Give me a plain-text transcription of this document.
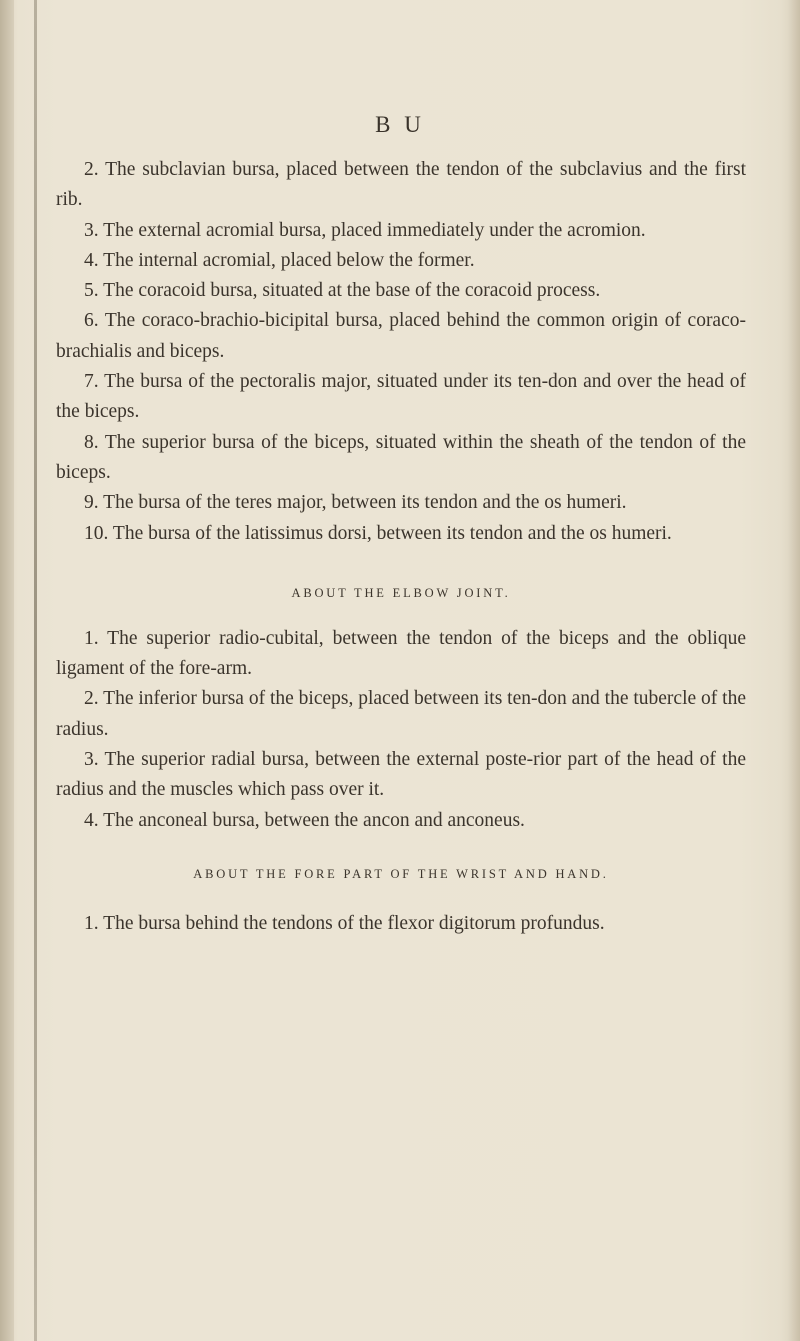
B U

2. The subclavian bursa, placed between the tendon of the subclavius and the first rib.

3. The external acromial bursa, placed immediately under the acromion.

4. The internal acromial, placed below the former.

5. The coracoid bursa, situated at the base of the coracoid process.

6. The coraco-brachio-bicipital bursa, placed behind the common origin of coraco-brachialis and biceps.

7. The bursa of the pectoralis major, situated under its ten-don and over the head of the biceps.

8. The superior bursa of the biceps, situated within the sheath of the tendon of the biceps.

9. The bursa of the teres major, between its tendon and the os humeri.

10. The bursa of the latissimus dorsi, between its tendon and the os humeri.

ABOUT THE ELBOW JOINT.

1. The superior radio-cubital, between the tendon of the biceps and the oblique ligament of the fore-arm.

2. The inferior bursa of the biceps, placed between its ten-don and the tubercle of the radius.

3. The superior radial bursa, between the external poste-rior part of the head of the radius and the muscles which pass over it.

4. The anconeal bursa, between the ancon and anconeus.

ABOUT THE FORE PART OF THE WRIST AND HAND.

1. The bursa behind the tendons of the flexor digitorum profundus.
